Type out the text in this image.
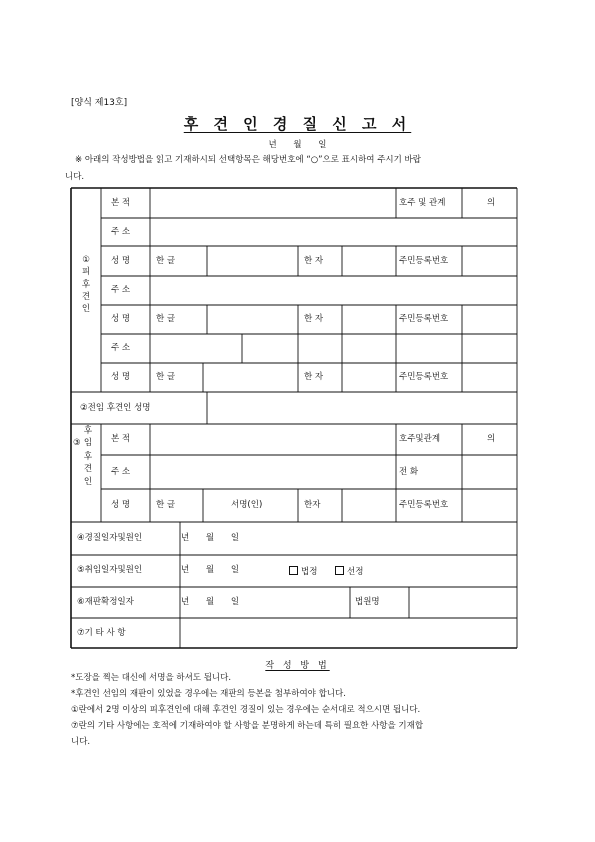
[양식 제13호]
후 견 인 경 질 신 고 서
년 월 일
※ 아래의 작성방법을 읽고 기재하시되 선택항목은 해당번호에 “○”으로 표시하여 주시기 바랍
니다.
①
피
후
견
인
본 적	호주 및 관계	의
주 소
성 명	한 글	한 자	주민등록번호
주 소
성 명	한 글	한 자	주민등록번호
주 소
성 명	한 글	한 자	주민등록번호
②전임 후견인 성명
후
임
③
후
견
인
본 적	호주및관계	의
주 소	전 화
성 명	한 글	서명(인)	한자	주민등록번호
④경질일자및원인	년 월 일
⑤취임일자및원인	년 월 일	법정	선정
⑥재판확정일자	년 월 일	법원명
⑦기 타 사 항
작 성 방 법
*도장을 찍는 대신에 서명을 하셔도 됩니다.
*후견인 선임의 재판이 있었을 경우에는 재판의 등본을 첨부하여야 합니다.
①란에서 2명 이상의 피후견인에 대해 후견인 경질이 있는 경우에는 순서대로 적으시면 됩니다.
⑦란의 기타 사항에는 호적에 기재하여야 할 사항을 분명하게 하는데 특히 필요한 사항을 기재합
니다.
